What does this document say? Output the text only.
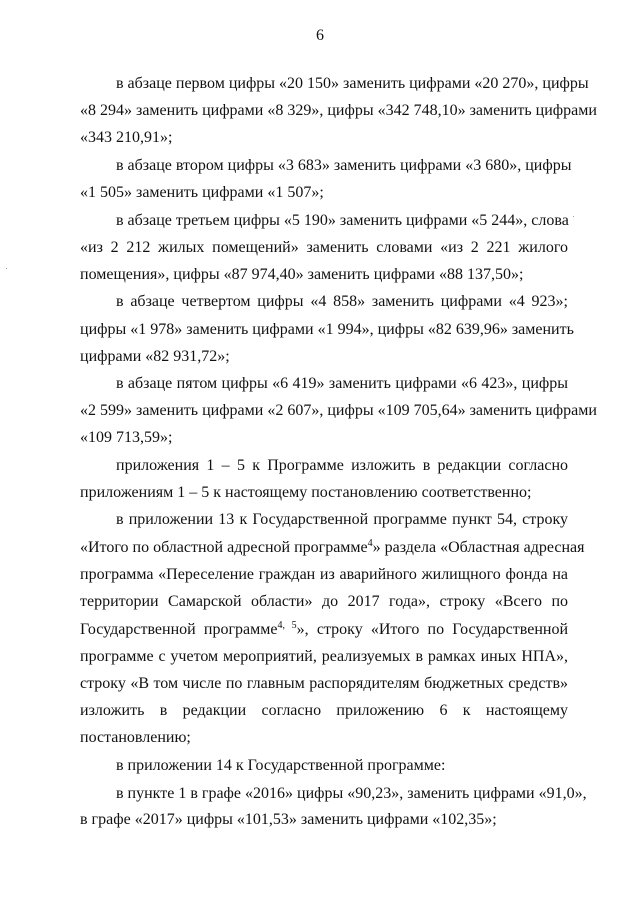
6
в абзаце первом цифры «20 150» заменить цифрами «20 270», цифры
«8 294» заменить цифрами «8 329», цифры «342 748,10» заменить цифрами
«343 210,91»;
в абзаце втором цифры «3 683» заменить цифрами «3 680», цифры
«1 505» заменить цифрами «1 507»;
в абзаце третьем цифры «5 190» заменить цифрами «5 244», слова
«из 2 212 жилых помещений» заменить словами «из 2 221 жилого
помещения», цифры «87 974,40» заменить цифрами «88 137,50»;
в абзаце четвертом цифры «4 858» заменить цифрами «4 923»;
цифры «1 978» заменить цифрами «1 994», цифры «82 639,96» заменить
цифрами «82 931,72»;
в абзаце пятом цифры «6 419» заменить цифрами «6 423», цифры
«2 599» заменить цифрами «2 607», цифры «109 705,64» заменить цифрами
«109 713,59»;
приложения 1 – 5 к Программе изложить в редакции согласно
приложениям 1 – 5 к настоящему постановлению соответственно;
в приложении 13 к Государственной программе пункт 54, строку
«Итого по областной адресной программе$^4$» раздела «Областная адресная
программа «Переселение граждан из аварийного жилищного фонда на
территории Самарской области» до 2017 года», строку «Всего по
Государственной программе$^{4, 5}$», строку «Итого по Государственной
программе с учетом мероприятий, реализуемых в рамках иных НПА»,
строку «В том числе по главным распорядителям бюджетных средств»
изложить в редакции согласно приложению 6 к настоящему
постановлению;
в приложении 14 к Государственной программе:
в пункте 1 в графе «2016» цифры «90,23», заменить цифрами «91,0»,
в графе «2017» цифры «101,53» заменить цифрами «102,35»;
